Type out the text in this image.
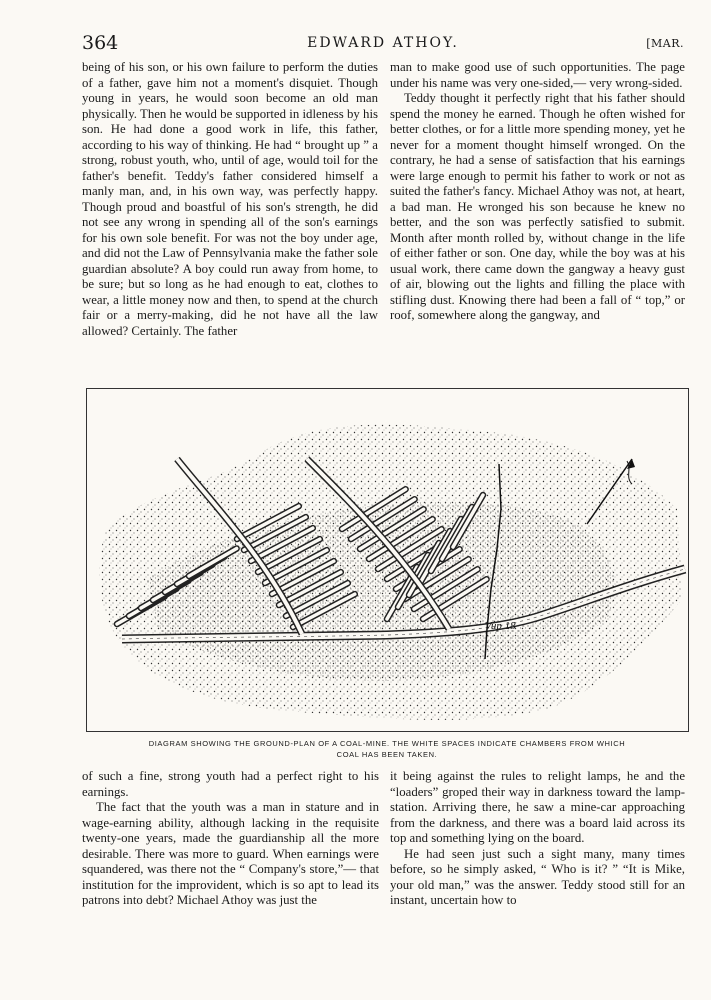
364	EDWARD ATHOY.	[MAR.

being of his son, or his own failure to perform the duties of a father, gave him not a moment's disquiet. Though young in years, he would soon become an old man physically. Then he would be supported in idleness by his son. He had done a good work in life, this father, according to his way of thinking. He had “ brought up ” a strong, robust youth, who, until of age, would toil for the father's benefit. Teddy's father considered himself a manly man, and, in his own way, was perfectly happy. Though proud and boastful of his son's strength, he did not see any wrong in spending all of the son's earnings for his own sole benefit. For was not the boy under age, and did not the Law of Pennsylvania make the father sole guardian absolute? A boy could run away from home, to be sure; but so long as he had enough to eat, clothes to wear, a little money now and then, to spend at the church fair or a merry-making, did he not have all the law allowed? Certainly. The father

man to make good use of such opportunities. The page under his name was very one-sided,— very wrong-sided.

Teddy thought it perfectly right that his father should spend the money he earned. Though he often wished for better clothes, or for a little more spending money, yet he never for a moment thought himself wronged. On the contrary, he had a sense of satisfaction that his earnings were large enough to permit his father to work or not as suited the father's fancy. Michael Athoy was not, at heart, a bad man. He wronged his son because he knew no better, and the son was perfectly satisfied to submit. Month after month rolled by, without change in the life of either father or son. One day, while the boy was at his usual work, there came down the gangway a heavy gust of air, blowing out the lights and filling the place with stifling dust. Knowing there had been a fall of “ top,” or roof, somewhere along the gangway, and

Vup 18
DIAGRAM SHOWING THE GROUND-PLAN OF A COAL-MINE. THE WHITE SPACES INDICATE CHAMBERS FROM WHICH
COAL HAS BEEN TAKEN.

of such a fine, strong youth had a perfect right to his earnings.

The fact that the youth was a man in stature and in wage-earning ability, although lacking in the requisite twenty-one years, made the guardianship all the more desirable. There was more to guard. When earnings were squandered, was there not the “ Company's store,”— that institution for the improvident, which is so apt to lead its patrons into debt? Michael Athoy was just the

it being against the rules to relight lamps, he and the “loaders” groped their way in darkness toward the lamp-station. Arriving there, he saw a mine-car approaching from the darkness, and there was a board laid across its top and something lying on the board.

He had seen just such a sight many, many times before, so he simply asked, “ Who is it? ” “It is Mike, your old man,” was the answer. Teddy stood still for an instant, uncertain how to
